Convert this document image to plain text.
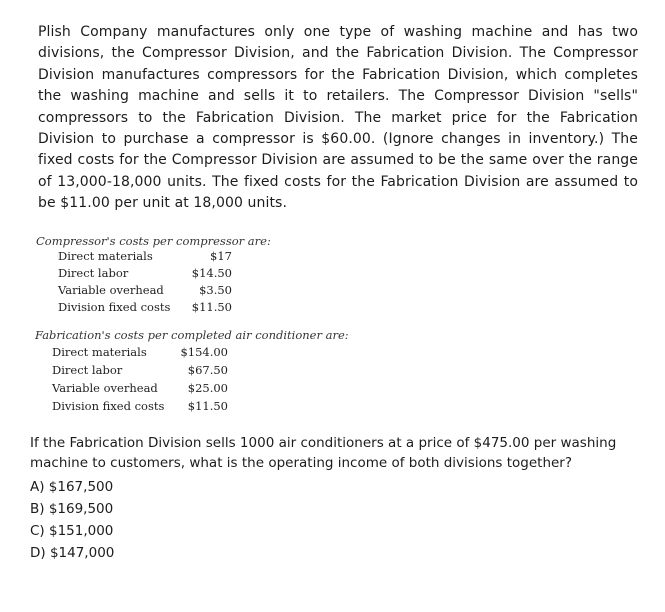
Plish Company manufactures only one type of washing machine and has two divisions, the Compressor Division, and the Fabrication Division. The Compressor Division manufactures compressors for the Fabrication Division, which completes the washing machine and sells it to retailers. The Compressor Division "sells" compressors to the Fabrication Division. The market price for the Fabrication Division to purchase a compressor is $60.00. (Ignore changes in inventory.) The fixed costs for the Compressor Division are assumed to be the same over the range of 13,000-18,000 units. The fixed costs for the Fabrication Division are assumed to be $11.00 per unit at 18,000 units.
Compressor's costs per compressor are:
Direct materials	$17
Direct labor	$14.50
Variable overhead	$3.50
Division fixed costs $11.50
Fabrication's costs per completed air conditioner are:
Direct materials	$154.00
Direct labor	$67.50
Variable overhead	$25.00
Division fixed costs $11.50
If the Fabrication Division sells 1000 air conditioners at a price of $475.00 per washing machine to customers, what is the operating income of both divisions together?
A) $167,500
B) $169,500
C) $151,000
D) $147,000
